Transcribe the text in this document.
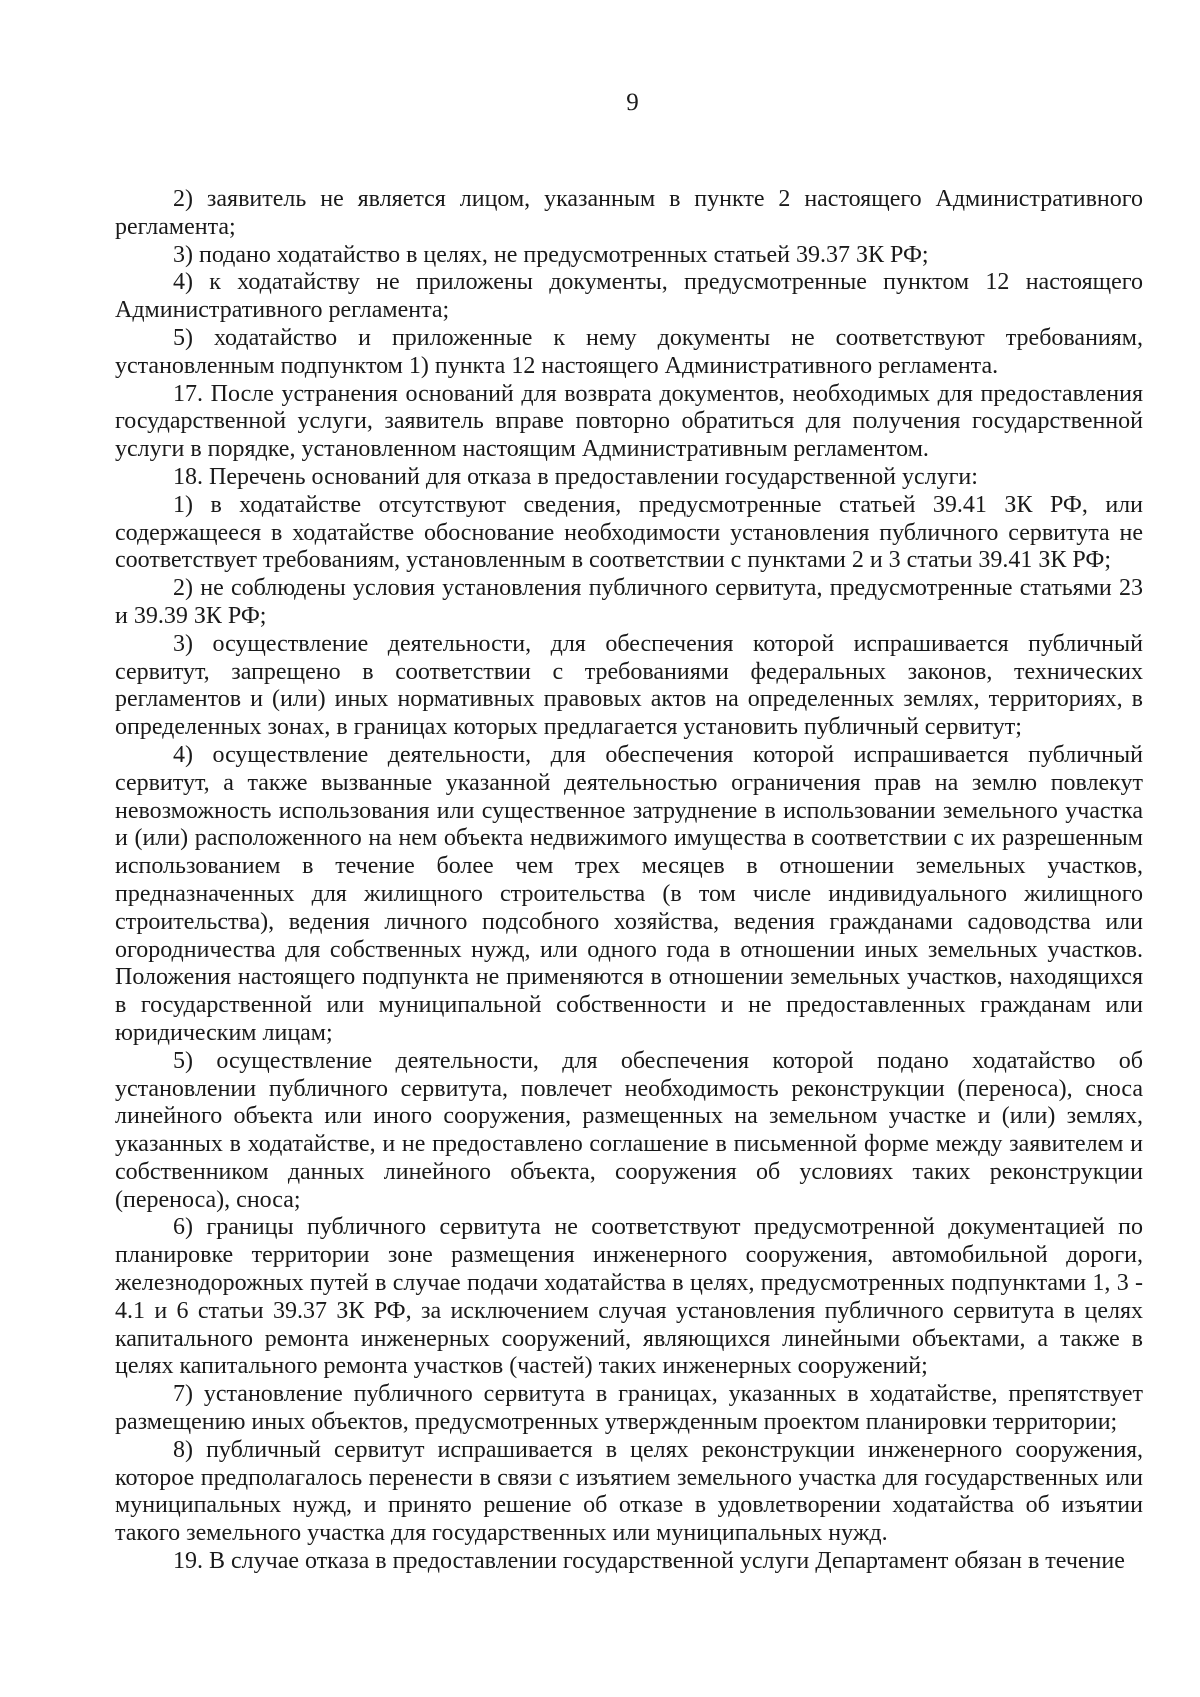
9

2) заявитель не является лицом, указанным в пункте 2 настоящего Административного регламента;

3) подано ходатайство в целях, не предусмотренных статьей 39.37 ЗК РФ;

4) к ходатайству не приложены документы, предусмотренные пунктом 12 настоящего Административного регламента;

5) ходатайство и приложенные к нему документы не соответствуют требованиям, установленным подпунктом 1) пункта 12 настоящего Административного регламента.

17. После устранения оснований для возврата документов, необходимых для предоставления государственной услуги, заявитель вправе повторно обратиться для получения государственной услуги в порядке, установленном настоящим Административным регламентом.

18. Перечень оснований для отказа в предоставлении государственной услуги:

1) в ходатайстве отсутствуют сведения, предусмотренные статьей 39.41 ЗК РФ, или содержащееся в ходатайстве обоснование необходимости установления публичного сервитута не соответствует требованиям, установленным в соответствии с пунктами 2 и 3 статьи 39.41 ЗК РФ;

2) не соблюдены условия установления публичного сервитута, предусмотренные статьями 23 и 39.39 ЗК РФ;

3) осуществление деятельности, для обеспечения которой испрашивается публичный сервитут, запрещено в соответствии с требованиями федеральных законов, технических регламентов и (или) иных нормативных правовых актов на определенных землях, территориях, в определенных зонах, в границах которых предлагается установить публичный сервитут;

4) осуществление деятельности, для обеспечения которой испрашивается публичный сервитут, а также вызванные указанной деятельностью ограничения прав на землю повлекут невозможность использования или существенное затруднение в использовании земельного участка и (или) расположенного на нем объекта недвижимого имущества в соответствии с их разрешенным использованием в течение более чем трех месяцев в отношении земельных участков, предназначенных для жилищного строительства (в том числе индивидуального жилищного строительства), ведения личного подсобного хозяйства, ведения гражданами садоводства или огородничества для собственных нужд, или одного года в отношении иных земельных участков. Положения настоящего подпункта не применяются в отношении земельных участков, находящихся в государственной или муниципальной собственности и не предоставленных гражданам или юридическим лицам;

5) осуществление деятельности, для обеспечения которой подано ходатайство об установлении публичного сервитута, повлечет необходимость реконструкции (переноса), сноса линейного объекта или иного сооружения, размещенных на земельном участке и (или) землях, указанных в ходатайстве, и не предоставлено соглашение в письменной форме между заявителем и собственником данных линейного объекта, сооружения об условиях таких реконструкции (переноса), сноса;

6) границы публичного сервитута не соответствуют предусмотренной документацией по планировке территории зоне размещения инженерного сооружения, автомобильной дороги, железнодорожных путей в случае подачи ходатайства в целях, предусмотренных подпунктами 1, 3 - 4.1 и 6 статьи 39.37 ЗК РФ, за исключением случая установления публичного сервитута в целях капитального ремонта инженерных сооружений, являющихся линейными объектами, а также в целях капитального ремонта участков (частей) таких инженерных сооружений;

7) установление публичного сервитута в границах, указанных в ходатайстве, препятствует размещению иных объектов, предусмотренных утвержденным проектом планировки территории;

8) публичный сервитут испрашивается в целях реконструкции инженерного сооружения, которое предполагалось перенести в связи с изъятием земельного участка для государственных или муниципальных нужд, и принято решение об отказе в удовлетворении ходатайства об изъятии такого земельного участка для государственных или муниципальных нужд.

19. В случае отказа в предоставлении государственной услуги Департамент обязан в течение
